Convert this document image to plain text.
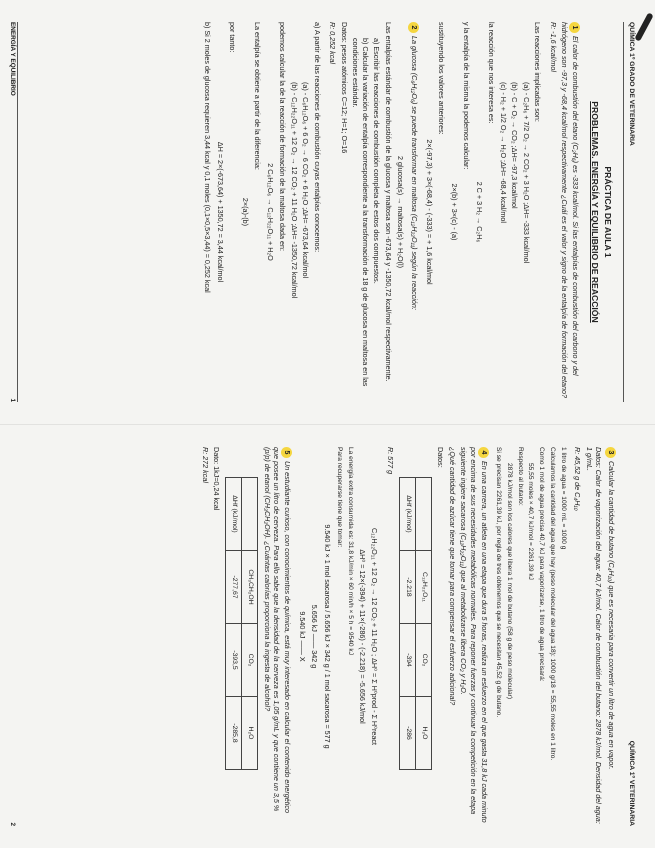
QUÍMICA 1º GRADO DE VETERINARIA
PRÁCTICA DE AULA 1
PROBLEMAS. ENERGÍA Y EQUILIBRIO DE REACCIÓN
1El calor de combustión del etano (C₂H₆) es -333 kcal/mol. Si las entalpías de combustión del carbono y del hidrógeno son -97,3 y -68,4 kcal/mol respectivamente ¿Cuál es el valor y signo de la entalpía de formación del etano?
R: -1,6 kcal/mol
Las reacciones implicadas son:
(a) - C₂H₆ + 7/2 O₂ → 2 CO₂ + 3 H₂O ;ΔH= -333 kcal/mol
(b) - C + O₂ → CO₂ ;ΔH= -97,3 kcal/mol
(c) - H₂ + 1/2 O₂ → H₂O ;ΔH= -68,4 kcal/mol
la reacción que nos interesa es:
2 C + 3 H₂ → C₂H₆
y la entalpía de la misma la podemos calcular:
2×(b) + 3×(c) - (a)
sustituyendo los valores anteriores:
2×(-97,3) + 3×(-68,4) - (-333) = + 1,6 kcal/mol
2La glucosa (C₆H₁₂O₆) se puede transformar en maltosa (C₁₂H₂₂O₁₁) según la reacción:
2 glucosa(s) → maltosa(s) + H₂O(l)
Las entalpías estándar de combustión de la glucosa y maltosa son -673,64 y -1350,72 kcal/mol respectivamente.
a) Escribir las reacciones de combustión completa de estos dos compuestos.
b) Calcular la variación de entalpía correspondiente a la transformación de 18 g de glucosa en maltosa en las condiciones estándar.
Datos: pesos atómicos C=12; H=1; O=16
R: 0,252 kcal
a) A partir de las reacciones de combustión cuyas entalpías conocemos:
(a) - C₆H₁₂O₆ + 6 O₂ → 6 CO₂ + 6 H₂O ;ΔH= -673,64 kcal/mol
(b) - C₁₂H₂₂O₁₁ + 12 O₂ → 12 CO₂ + 11 H₂O ;ΔH= -1350,72 kcal/mol
podemos calcular la de la reacción de formación de la maltosa dada en:
2 C₆H₁₂O₆ → C₁₂H₂₂O₁₁ + H₂O
La entalpía se obtiene a partir de la diferencia:
2×(a)-(b)
por tanto:
ΔH = 2×(-673,64) + 1350,72 = 3,44 kcal/mol
b) Si 2 moles de glucosa requieren 3,44 kcal y 0,1 moles (0,1×0,5×3,44) = 0,252 kcal
ENERGÍA Y EQUILIBRIO
1
QUÍMICA 1º VETERINARIA
3Calcular la cantidad de butano (C₄H₁₀) que es necesaria para convertir un litro de agua en vapor.
Datos: Calor de vaporización del agua: 40,7 kJ/mol. Calor de combustión del butano: 2878 kJ/mol. Densidad del agua: 1 g/mL.
R: 45,52 g de C₄H₁₀
1 litro de agua = 1000 mL = 1000 g
Calculamos la cantidad del agua que hay (peso molecular del agua 18): 1000 g/18 = 55,55 moles en 1 litro.
Como 1 mol de agua precisa 40,7 kJ para vaporizarse, 1 litro de agua precisará:
55,55 moles × 40,7 kJ/mol = 2261,39 kJ
Respecto al butano:
2878 kJ/mol son los calores que libera 1 mol de butano (58 g de peso molecular)
Si se precisan 2261,39 kJ, por regla de tres obtenemos que se necesitan 45,52 g de butano.
4En una carrera, un atleta en una etapa que dura 5 horas, realiza un esfuerzo en el que gasta 31,8 kJ cada minuto por encima de sus necesidades metabólicas normales. Para reponer fuerzas y continuar la competición en la etapa siguiente ingiere sacarosa (C₁₂H₂₂O₁₁) que al metabolizarse libera CO₂ y H₂O.
¿Qué cantidad de azúcar tiene que tomar para compensar el esfuerzo adicional?
Datos:
	C₁₂H₂₂O₁₁	CO₂	H₂O
ΔHf (kJ/mol)	-2.218	-394	-286
R: 577 g
C₁₂H₂₂O₁₁ + 12 O₂ → 12 CO₂ + 11 H₂O ; ΔH⁰ = Σ H⁰prod - Σ H⁰react
ΔH⁰ = 12×(-394) + 11×(-286) - (-2.218) = -5.656 kJ/mol
La energía extra consumida es: 31,8 kJ/min × 60 min/h × 5 h = 9540 kJ
Para recuperarse tiene que tomar:
9.540 kJ × 1 mol sacarosa / 5.656 kJ × 342 g / 1 mol sacarosa = 577 g
5.656 kJ —— 342 g
9.540 kJ —— X
5Un estudiante curioso, con conocimientos de química, está muy interesado en calcular el contenido energético que posee un litro de cerveza. Para ello sabe que la densidad de la cerveza es 1,05 g/mL y que contiene un 3,5 % (p/p) de etanol (CH₃CH₂OH). ¿Cuántas calorías proporciona la ingesta de alcohol?
	CH₃CH₂OH	CO₂	H₂O
ΔHf (kJ/mol)	-277,67	-393,5	-285,8
Dato: 1kJ=0,24 kcal
R: 272 kcal
2
